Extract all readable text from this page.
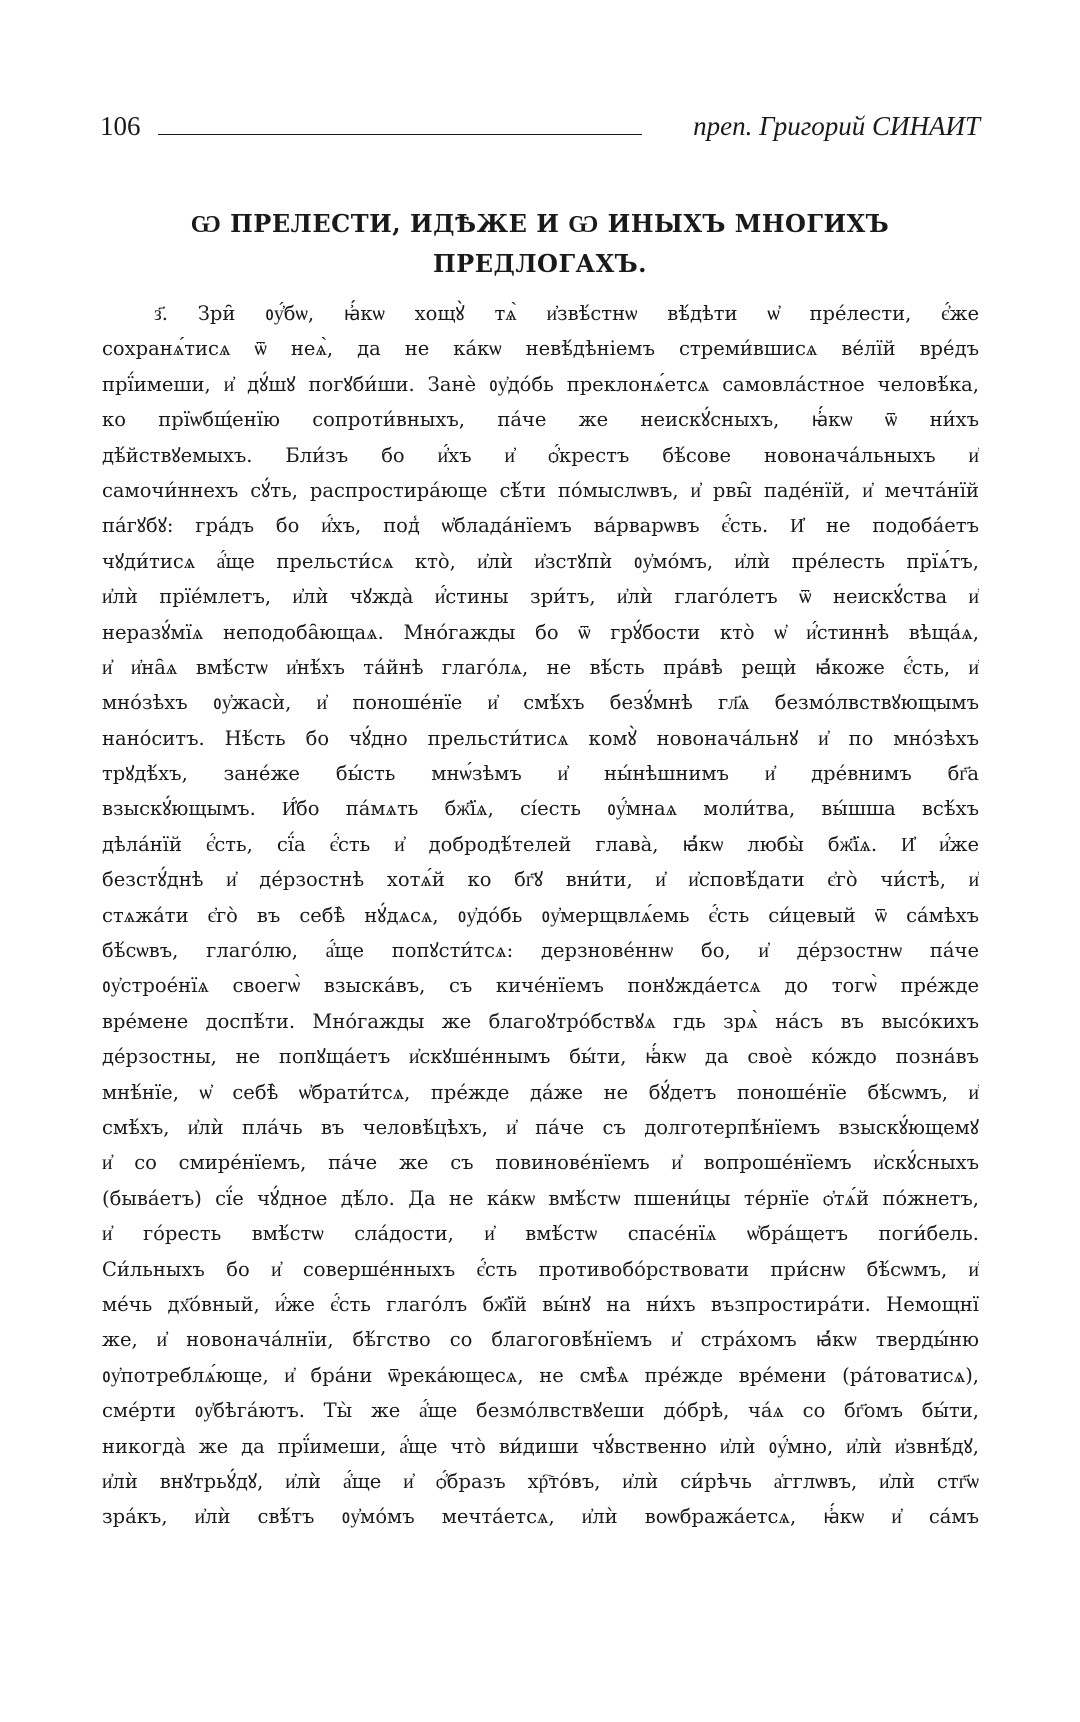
106	преп. Григорий СИНАИТ
Ѡ ПРЕЛЕСТИ, ИДѢЖЕ И Ѡ ИНЫХЪ МНОГИХЪ
ПРЕДЛОГАХЪ.
з҃. Зри̑ ᲂу҆́бѡ, ꙗ҆́кѡ хощꙋ̀ тѧ̀ и҆звѣ́стнѡ вѣ́дѣти ѡ҆ пре́лести, є҆́же
сохранѧ́тисѧ ѿ неѧ̀, да не ка́кѡ невѣ́дѣніемъ стреми́вшисѧ ве́лїй вре́дъ
прї́имеши, и҆ дꙋ́шꙋ погꙋби́ши. Занѐ ᲂу҆до́бь преклонѧ́етсѧ самовла́стное человѣ́ка,
ко прїѡбщ́енїю сопроти́вныхъ, па́че же неискꙋ́сныхъ, ꙗ҆́кѡ ѿ ни́хъ
дѣ́йствꙋемыхъ. Бли́зъ бо и҆́хъ и҆ ѻ҆́крестъ бѣ́сове новонача́льныхъ и҆
самочи́ннехъ сꙋ́ть, распростира́юще сѣ́ти по́мыслѡвъ, и҆ рвы̑ паде́нїй, и҆ мечта́нїй
па́гꙋбꙋ: гра́дъ бо и҆́хъ, под̾ ѡ҆блада́нїемъ ва́рварѡвъ є҆́сть. И҆ не подоба́етъ
чꙋди́тисѧ а҆́ще прельсти́сѧ кто̀, и҆лѝ и҆зстꙋпѝ ᲂу҆мо́мъ, и҆лѝ пре́лесть прїѧ́тъ,
и҆лѝ прїе́млетъ, и҆лѝ чꙋжда̀ и҆́стины зри́тъ, и҆лѝ глаго́летъ ѿ неискꙋ́ства и҆
неразꙋ́мїѧ неподоба̑ющаѧ. Мно́гажды бо ѿ грꙋ́бости кто̀ ѡ҆ и҆́стиннѣ вѣща́ѧ,
и҆ и҆на̑ѧ вмѣ́стѡ и҆нѣ́хъ та́йнѣ глаго́лѧ, не вѣ́сть пра́вѣ рещѝ ꙗ҆́коже є҆́сть, и҆
мно́зѣхъ ᲂу҆жасѝ, и҆ поноше́нїе и҆ смѣ́хъ безꙋ́мнѣ гл҃ѧ безмо́лвствꙋющымъ
нано́ситъ. Нѣ́сть бо чꙋ́дно прельсти́тисѧ комꙋ̀ новонача́льнꙋ и҆ по мно́зѣхъ
трꙋдѣ́хъ, зане́же бы́сть мнѡ́зѣмъ и҆ ны́нѣшнимъ и҆ дре́внимъ бг҃а
взыскꙋ́ющымъ. И҆́бо па́мѧть бж҃їѧ, сі́есть ᲂу҆́мнаѧ моли́тва, вы́шша всѣ́хъ
дѣла́нїй є҆́сть, сї́а є҆́сть и҆ добродѣ́телей глава̀, ꙗ҆́кѡ любы̀ бж҃їѧ. И҆ и҆́же
безстꙋ́днѣ и҆ де́рзостнѣ хотѧ́й ко бг҃ꙋ вни́ти, и҆ и҆сповѣ́дати є҆го̀ чи́стѣ, и҆
стѧжа́ти є҆го̀ въ себѣ̀ нꙋ́дѧсѧ, ᲂу҆до́бь ᲂу҆мерщвлѧ́емь є҆́сть си́цевый ѿ са́мѣхъ
бѣ́сѡвъ, глаго́лю, а҆́ще попꙋсти́тсѧ: дерзнове́ннѡ бо, и҆ де́рзостнѡ па́че
ᲂу҆строе́нїѧ своегѡ̀ взыска́въ, съ киче́нїемъ понꙋжда́етсѧ до тогѡ̀ пре́жде
вре́мене доспѣ́ти. Мно́гажды же благоꙋтро́бствꙋѧ гдь зрѧ̀ на́съ въ высо́кихъ
де́рзостны, не попꙋща́етъ и҆скꙋше́ннымъ бы́ти, ꙗ҆́кѡ да своѐ ко́ждо позна́въ
мнѣ́нїе, ѡ҆ себѣ̀ ѡ҆брати́тсѧ, пре́жде да́же не бꙋ́детъ поноше́нїе бѣ́сѡмъ, и҆
смѣ́хъ, и҆лѝ пла́чь въ человѣ́цѣхъ, и҆ па́че съ долготерпѣ́нїемъ взыскꙋ́ющемꙋ
и҆ со смире́нїемъ, па́че же съ повинове́нїемъ и҆ вопроше́нїемъ и҆скꙋ́сныхъ
(быва́етъ) сї́е чꙋ́дное дѣ́ло. Да не ка́кѡ вмѣ́стѡ пшени́цы те́рнїе ѻ҆тѧ́й по́жнетъ,
и҆ го́ресть вмѣ́стѡ сла́дости, и҆ вмѣ́стѡ спасе́нїѧ ѡ҆бра́щетъ поги́бель.
Си́льныхъ бо и҆ соверше́нныхъ є҆́сть противобо́рствовати при́снѡ бѣ́сѡмъ, и҆
ме́чь дх҃о́вный, и҆́же є҆́сть глаго́лъ бж҃їй вы́нꙋ на ни́хъ възпростира́ти. Немощнї
же, и҆ новонача́лнїи, бѣ́гство со благоговѣ́нїемъ и҆ стра́хомъ ꙗ҆́кѡ тверды́ню
ᲂу҆потреблѧ́юще, и҆ бра́ни ѿрека́ющесѧ, не смѣ̀ѧ пре́жде вре́мени (ра́товатисѧ),
сме́рти ᲂу҆бѣга́ютъ. Ты̀ же а҆́ще безмо́лвствꙋеши до́брѣ, ча́ѧ со бг҃омъ бы́ти,
никогда̀ же да прї́имеши, а҆́ще что̀ ви́диши чꙋ́вственно и҆лѝ ᲂу҆́мно, и҆лѝ и҆звнѣ́дꙋ,
и҆лѝ внꙋтрьꙋ́дꙋ, и҆лѝ а҆́ще и҆ ѻ҆́бразъ хр҇то́въ, и҆лѝ си́рѣчь а҆гглѡвъ, и҆лѝ стг҃ѡ
зра́къ, и҆лѝ свѣ́тъ ᲂу҆мо́мъ мечта́етсѧ, и҆лѝ воѡбража́етсѧ, ꙗ҆́кѡ и҆ са́мъ
